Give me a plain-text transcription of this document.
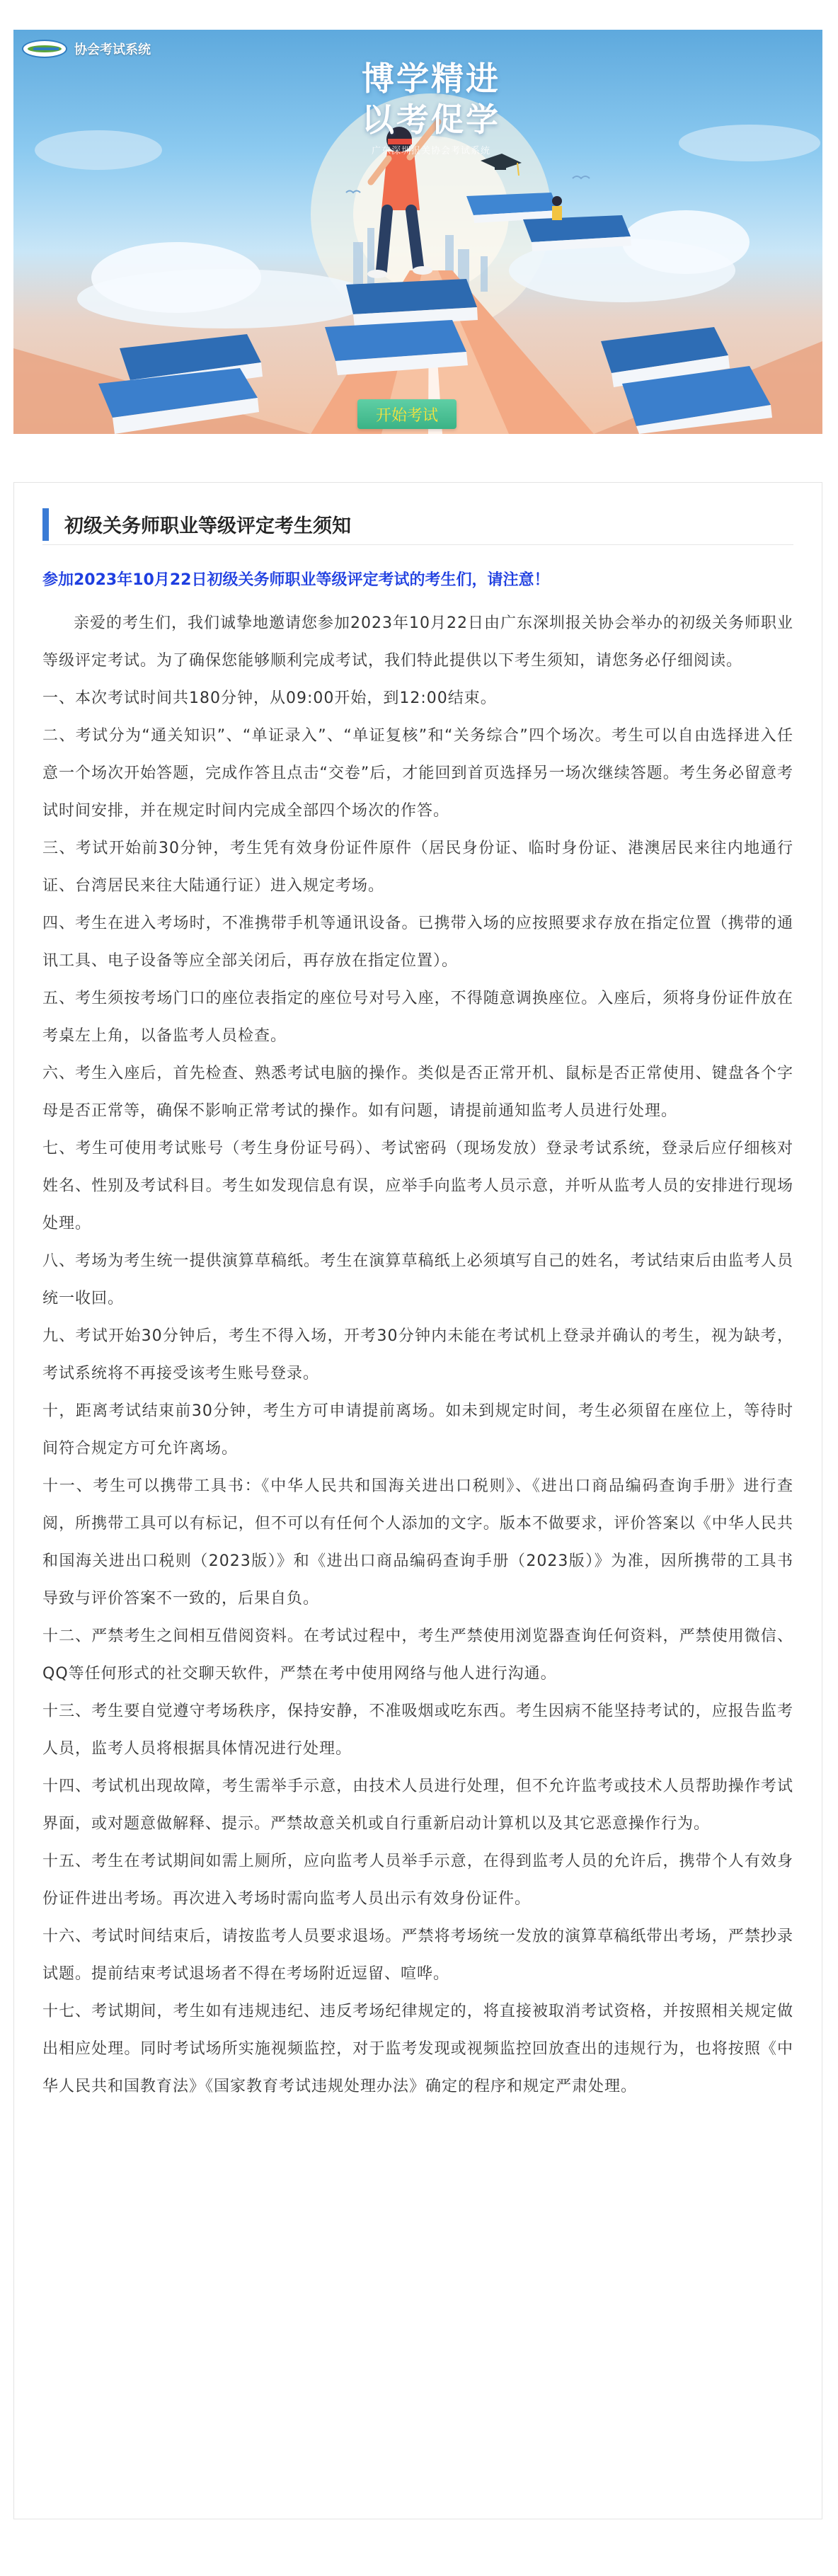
协会考试系统
博学精进
以考促学
广东深圳报关协会考试系统
开始考试
初级关务师职业等级评定考生须知
参加2023年10月22日初级关务师职业等级评定考试的考生们，请注意！

亲爱的考生们，我们诚挚地邀请您参加2023年10月22日由广东深圳报关协会举办的初级关务师职业等级评定考试。为了确保您能够顺利完成考试，我们特此提供以下考生须知，请您务必仔细阅读。

一、本次考试时间共180分钟，从09:00开始，到12:00结束。

二、考试分为“通关知识”、“单证录入”、“单证复核”和“关务综合”四个场次。考生可以自由选择进入任意一个场次开始答题，完成作答且点击“交卷”后，才能回到首页选择另一场次继续答题。考生务必留意考试时间安排，并在规定时间内完成全部四个场次的作答。

三、考试开始前30分钟，考生凭有效身份证件原件（居民身份证、临时身份证、港澳居民来往内地通行证、台湾居民来往大陆通行证）进入规定考场。

四、考生在进入考场时，不准携带手机等通讯设备。已携带入场的应按照要求存放在指定位置（携带的通讯工具、电子设备等应全部关闭后，再存放在指定位置）。

五、考生须按考场门口的座位表指定的座位号对号入座，不得随意调换座位。入座后，须将身份证件放在考桌左上角，以备监考人员检查。

六、考生入座后，首先检查、熟悉考试电脑的操作。类似是否正常开机、鼠标是否正常使用、键盘各个字母是否正常等，确保不影响正常考试的操作。如有问题，请提前通知监考人员进行处理。

七、考生可使用考试账号（考生身份证号码）、考试密码（现场发放）登录考试系统，登录后应仔细核对姓名、性别及考试科目。考生如发现信息有误，应举手向监考人员示意，并听从监考人员的安排进行现场处理。

八、考场为考生统一提供演算草稿纸。考生在演算草稿纸上必须填写自己的姓名，考试结束后由监考人员统一收回。

九、考试开始30分钟后，考生不得入场，开考30分钟内未能在考试机上登录并确认的考生，视为缺考，考试系统将不再接受该考生账号登录。

十，距离考试结束前30分钟，考生方可申请提前离场。如未到规定时间，考生必须留在座位上，等待时间符合规定方可允许离场。

十一、考生可以携带工具书：《中华人民共和国海关进出口税则》、《进出口商品编码查询手册》进行查阅，所携带工具可以有标记，但不可以有任何个人添加的文字。版本不做要求，评价答案以《中华人民共和国海关进出口税则（2023版）》和《进出口商品编码查询手册（2023版）》为准，因所携带的工具书导致与评价答案不一致的，后果自负。

十二、严禁考生之间相互借阅资料。在考试过程中，考生严禁使用浏览器查询任何资料，严禁使用微信、QQ等任何形式的社交聊天软件，严禁在考中使用网络与他人进行沟通。

十三、考生要自觉遵守考场秩序，保持安静，不准吸烟或吃东西。考生因病不能坚持考试的，应报告监考人员，监考人员将根据具体情况进行处理。

十四、考试机出现故障，考生需举手示意，由技术人员进行处理，但不允许监考或技术人员帮助操作考试界面，或对题意做解释、提示。严禁故意关机或自行重新启动计算机以及其它恶意操作行为。

十五、考生在考试期间如需上厕所，应向监考人员举手示意，在得到监考人员的允许后，携带个人有效身份证件进出考场。再次进入考场时需向监考人员出示有效身份证件。

十六、考试时间结束后，请按监考人员要求退场。严禁将考场统一发放的演算草稿纸带出考场，严禁抄录试题。提前结束考试退场者不得在考场附近逗留、喧哗。

十七、考试期间，考生如有违规违纪、违反考场纪律规定的，将直接被取消考试资格，并按照相关规定做出相应处理。同时考试场所实施视频监控，对于监考发现或视频监控回放查出的违规行为，也将按照《中华人民共和国教育法》《国家教育考试违规处理办法》确定的程序和规定严肃处理。
